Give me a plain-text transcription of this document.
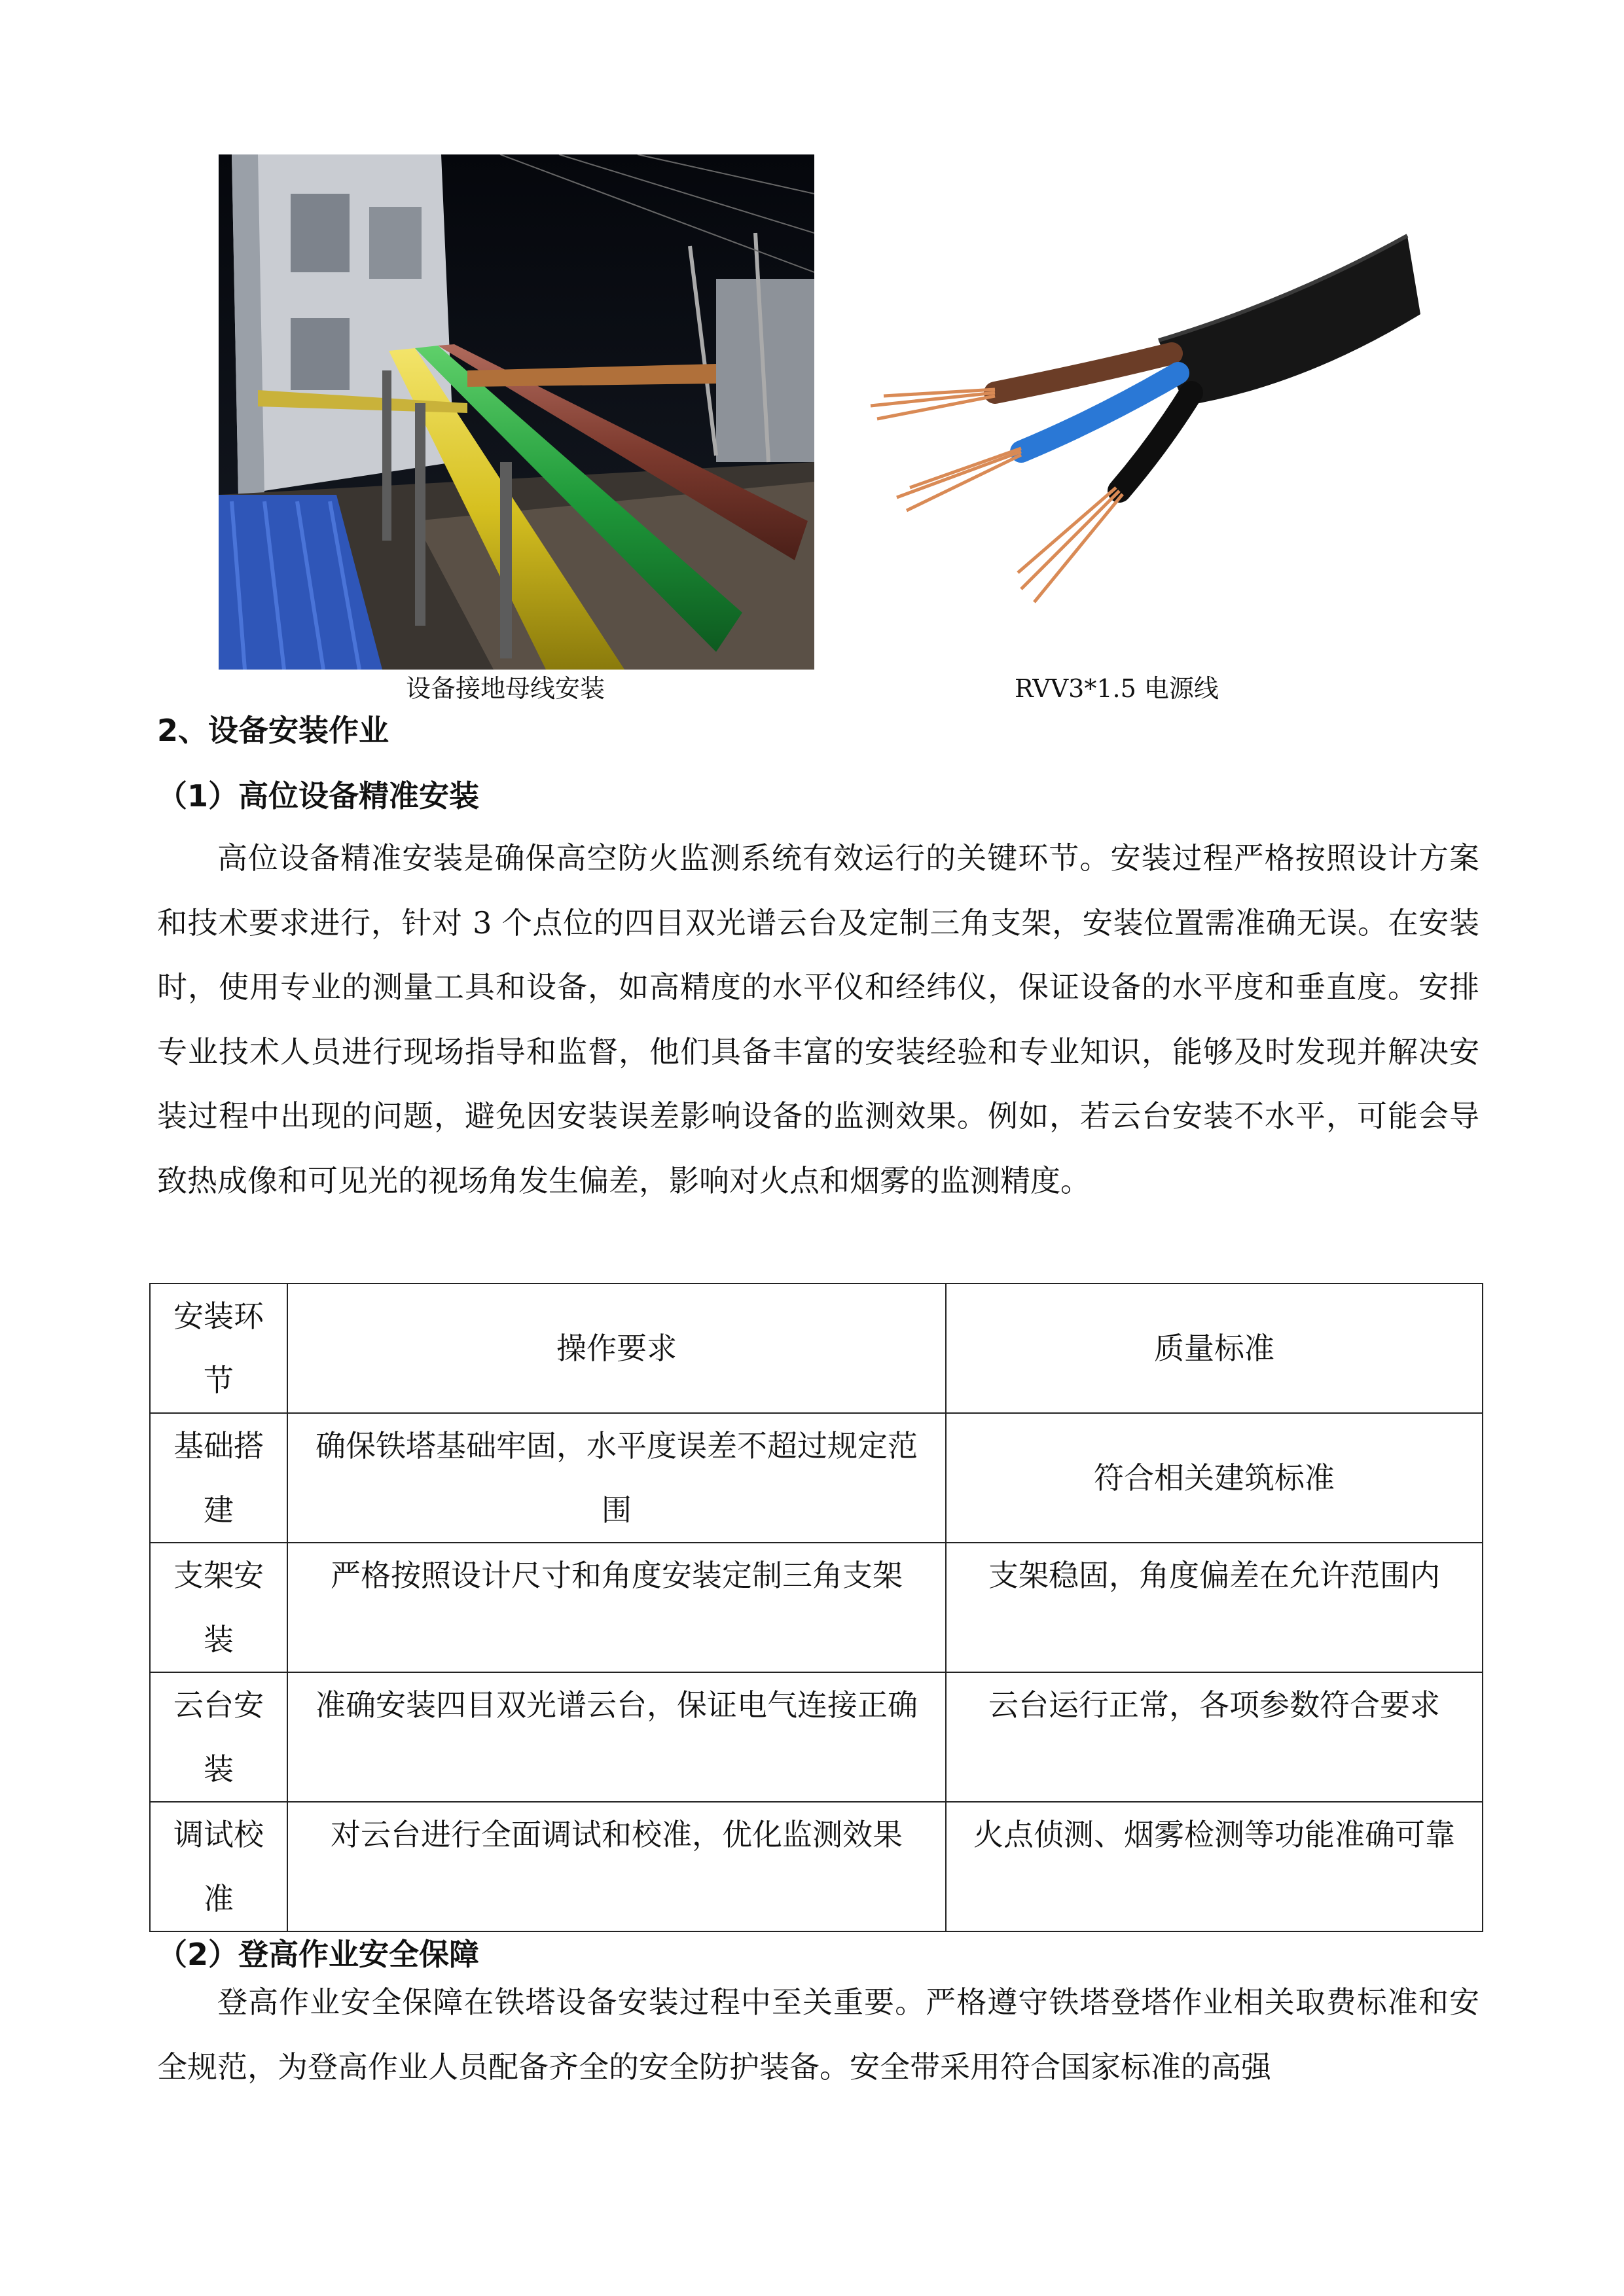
设备接地母线安装	RVV3*1.5 电源线
2、设备安装作业
（1）高位设备精准安装

高位设备精准安装是确保高空防火监测系统有效运行的关键环节。安装过程严格按照设计方案和技术要求进行，针对 3 个点位的四目双光谱云台及定制三角支架，安装位置需准确无误。在安装时，使用专业的测量工具和设备，如高精度的水平仪和经纬仪，保证设备的水平度和垂直度。安排专业技术人员进行现场指导和监督，他们具备丰富的安装经验和专业知识，能够及时发现并解决安装过程中出现的问题，避免因安装误差影响设备的监测效果。例如，若云台安装不水平，可能会导致热成像和可见光的视场角发生偏差，影响对火点和烟雾的监测精度。

安装环节	操作要求	质量标准
基础搭建	确保铁塔基础牢固，水平度误差不超过规定范围	符合相关建筑标准
支架安装	严格按照设计尺寸和角度安装定制三角支架	支架稳固，角度偏差在允许范围内
云台安装	准确安装四目双光谱云台，保证电气连接正确	云台运行正常，各项参数符合要求
调试校准	对云台进行全面调试和校准，优化监测效果	火点侦测、烟雾检测等功能准确可靠
（2）登高作业安全保障

登高作业安全保障在铁塔设备安装过程中至关重要。严格遵守铁塔登塔作业相关取费标准和安全规范，为登高作业人员配备齐全的安全防护装备。安全带采用符合国家标准的高强
